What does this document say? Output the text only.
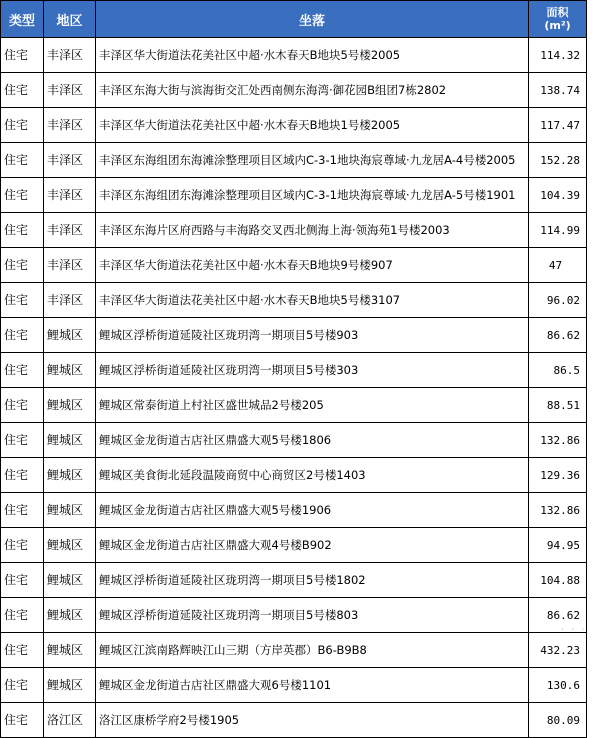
类型	地区	坐落	面积
(m²)
住宅	丰泽区	丰泽区华大街道法花美社区中超·水木春天B地块5号楼2005	114.32
住宅	丰泽区	丰泽区东海大街与滨海街交汇处西南侧东海湾·御花园B组团7栋2802	138.74
住宅	丰泽区	丰泽区华大街道法花美社区中超·水木春天B地块1号楼2005	117.47
住宅	丰泽区	丰泽区东海组团东海滩涂整理项目区域内C-3-1地块海宸尊域·九龙居A-4号楼2005	152.28
住宅	丰泽区	丰泽区东海组团东海滩涂整理项目区域内C-3-1地块海宸尊域·九龙居A-5号楼1901	104.39
住宅	丰泽区	丰泽区东海片区府西路与丰海路交叉西北侧海上海·领海苑1号楼2003	114.99
住宅	丰泽区	丰泽区华大街道法花美社区中超·水木春天B地块9号楼907	47
住宅	丰泽区	丰泽区华大街道法花美社区中超·水木春天B地块5号楼3107	96.02
住宅	鲤城区	鲤城区浮桥街道延陵社区珑玥湾一期项目5号楼903	86.62
住宅	鲤城区	鲤城区浮桥街道延陵社区珑玥湾一期项目5号楼303	86.5
住宅	鲤城区	鲤城区常泰街道上村社区盛世城品2号楼205	88.51
住宅	鲤城区	鲤城区金龙街道古店社区鼎盛大观5号楼1806	132.86
住宅	鲤城区	鲤城区美食街北延段温陵商贸中心商贸区2号楼1403	129.36
住宅	鲤城区	鲤城区金龙街道古店社区鼎盛大观5号楼1906	132.86
住宅	鲤城区	鲤城区金龙街道古店社区鼎盛大观4号楼B902	94.95
住宅	鲤城区	鲤城区浮桥街道延陵社区珑玥湾一期项目5号楼1802	104.88
住宅	鲤城区	鲤城区浮桥街道延陵社区珑玥湾一期项目5号楼803	86.62
住宅	鲤城区	鲤城区江滨南路辉映江山三期（方岸英郡）B6-B9B8	432.23
住宅	鲤城区	鲤城区金龙街道古店社区鼎盛大观6号楼1101	130.6
住宅	洛江区	洛江区康桥学府2号楼1905	80.09
· · ·
